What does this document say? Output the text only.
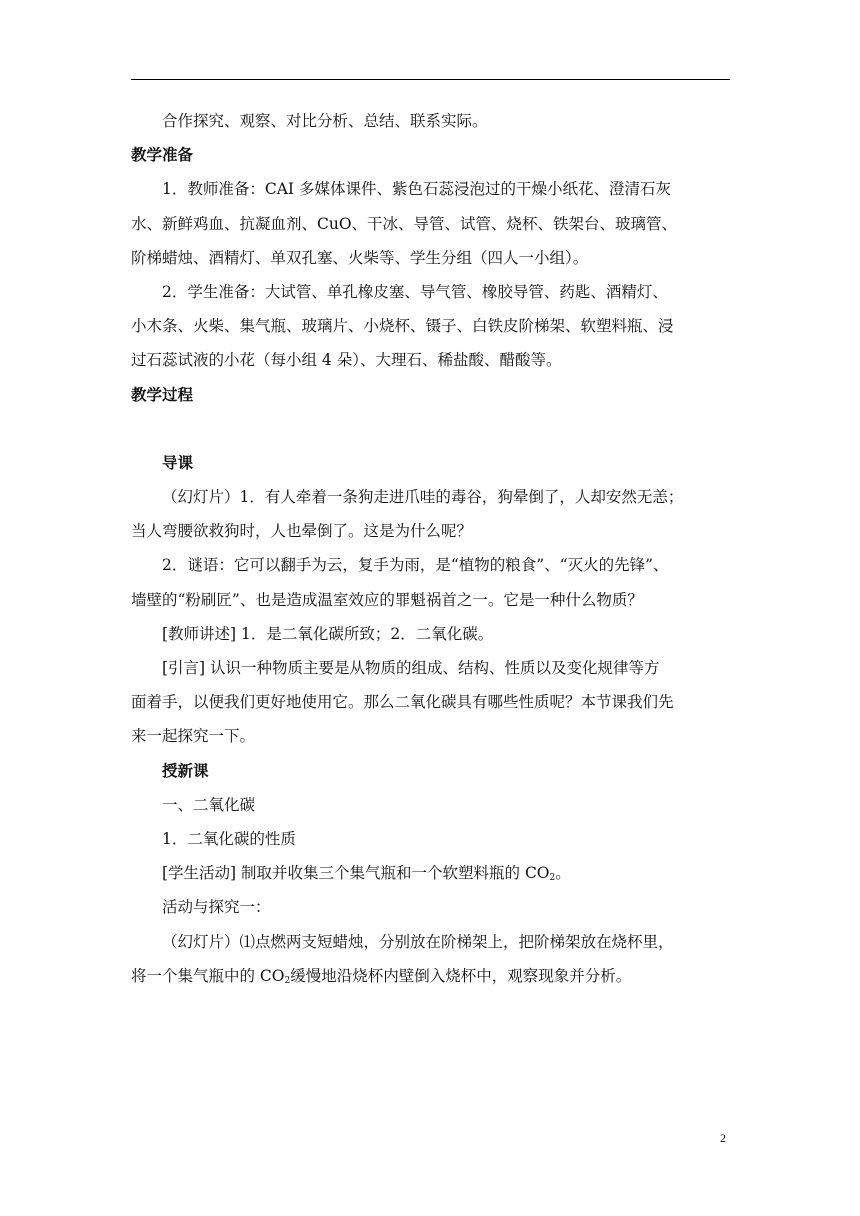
合作探究、观察、对比分析、总结、联系实际。
教学准备
1．教师准备：CAI 多媒体课件、紫色石蕊浸泡过的干燥小纸花、澄清石灰
水、新鲜鸡血、抗凝血剂、CuO、干冰、导管、试管、烧杯、铁架台、玻璃管、
阶梯蜡烛、酒精灯、单双孔塞、火柴等、学生分组（四人一小组）。
2．学生准备：大试管、单孔橡皮塞、导气管、橡胶导管、药匙、酒精灯、
小木条、火柴、集气瓶、玻璃片、小烧杯、镊子、白铁皮阶梯架、软塑料瓶、浸
过石蕊试液的小花（每小组 4 朵）、大理石、稀盐酸、醋酸等。
教学过程
导课
（幻灯片）1．有人牵着一条狗走进爪哇的毒谷，狗晕倒了，人却安然无恙；
当人弯腰欲救狗时，人也晕倒了。这是为什么呢？
2．谜语：它可以翻手为云，复手为雨，是“植物的粮食”、“灭火的先锋”、
墙壁的“粉刷匠”、也是造成温室效应的罪魁祸首之一。它是一种什么物质？
[教师讲述] 1．是二氧化碳所致；2．二氧化碳。
[引言] 认识一种物质主要是从物质的组成、结构、性质以及变化规律等方
面着手，以便我们更好地使用它。那么二氧化碳具有哪些性质呢？本节课我们先
来一起探究一下。
授新课
一、二氧化碳
1．二氧化碳的性质
[学生活动] 制取并收集三个集气瓶和一个软塑料瓶的 $CO_2$。
活动与探究一：
（幻灯片）⑴点燃两支短蜡烛，分别放在阶梯架上，把阶梯架放在烧杯里，
将一个集气瓶中的 $CO_2$缓慢地沿烧杯内壁倒入烧杯中，观察现象并分析。
2
